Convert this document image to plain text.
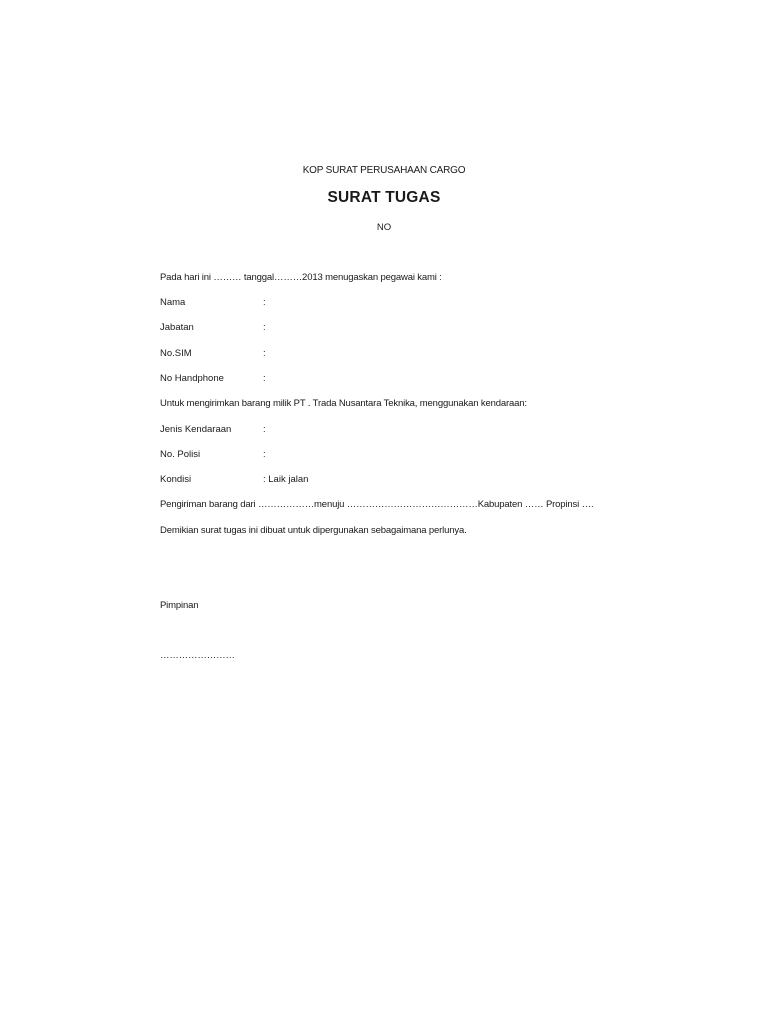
KOP SURAT PERUSAHAAN CARGO
SURAT TUGAS
NO
Pada hari ini ……… tanggal………2013 menugaskan pegawai kami :
Nama	:
Jabatan	:
No.SIM	:
No Handphone	:
Untuk mengirimkan barang milik PT . Trada Nusantara Teknika, menggunakan kendaraan:
Jenis Kendaraan	:
No. Polisi	:
Kondisi	: Laik jalan
Pengiriman barang dari ………………menuju ……………………………………Kabupaten …… Propinsi ….
Demikian surat tugas ini dibuat untuk dipergunakan sebagaimana perlunya.
Pimpinan
……………………
